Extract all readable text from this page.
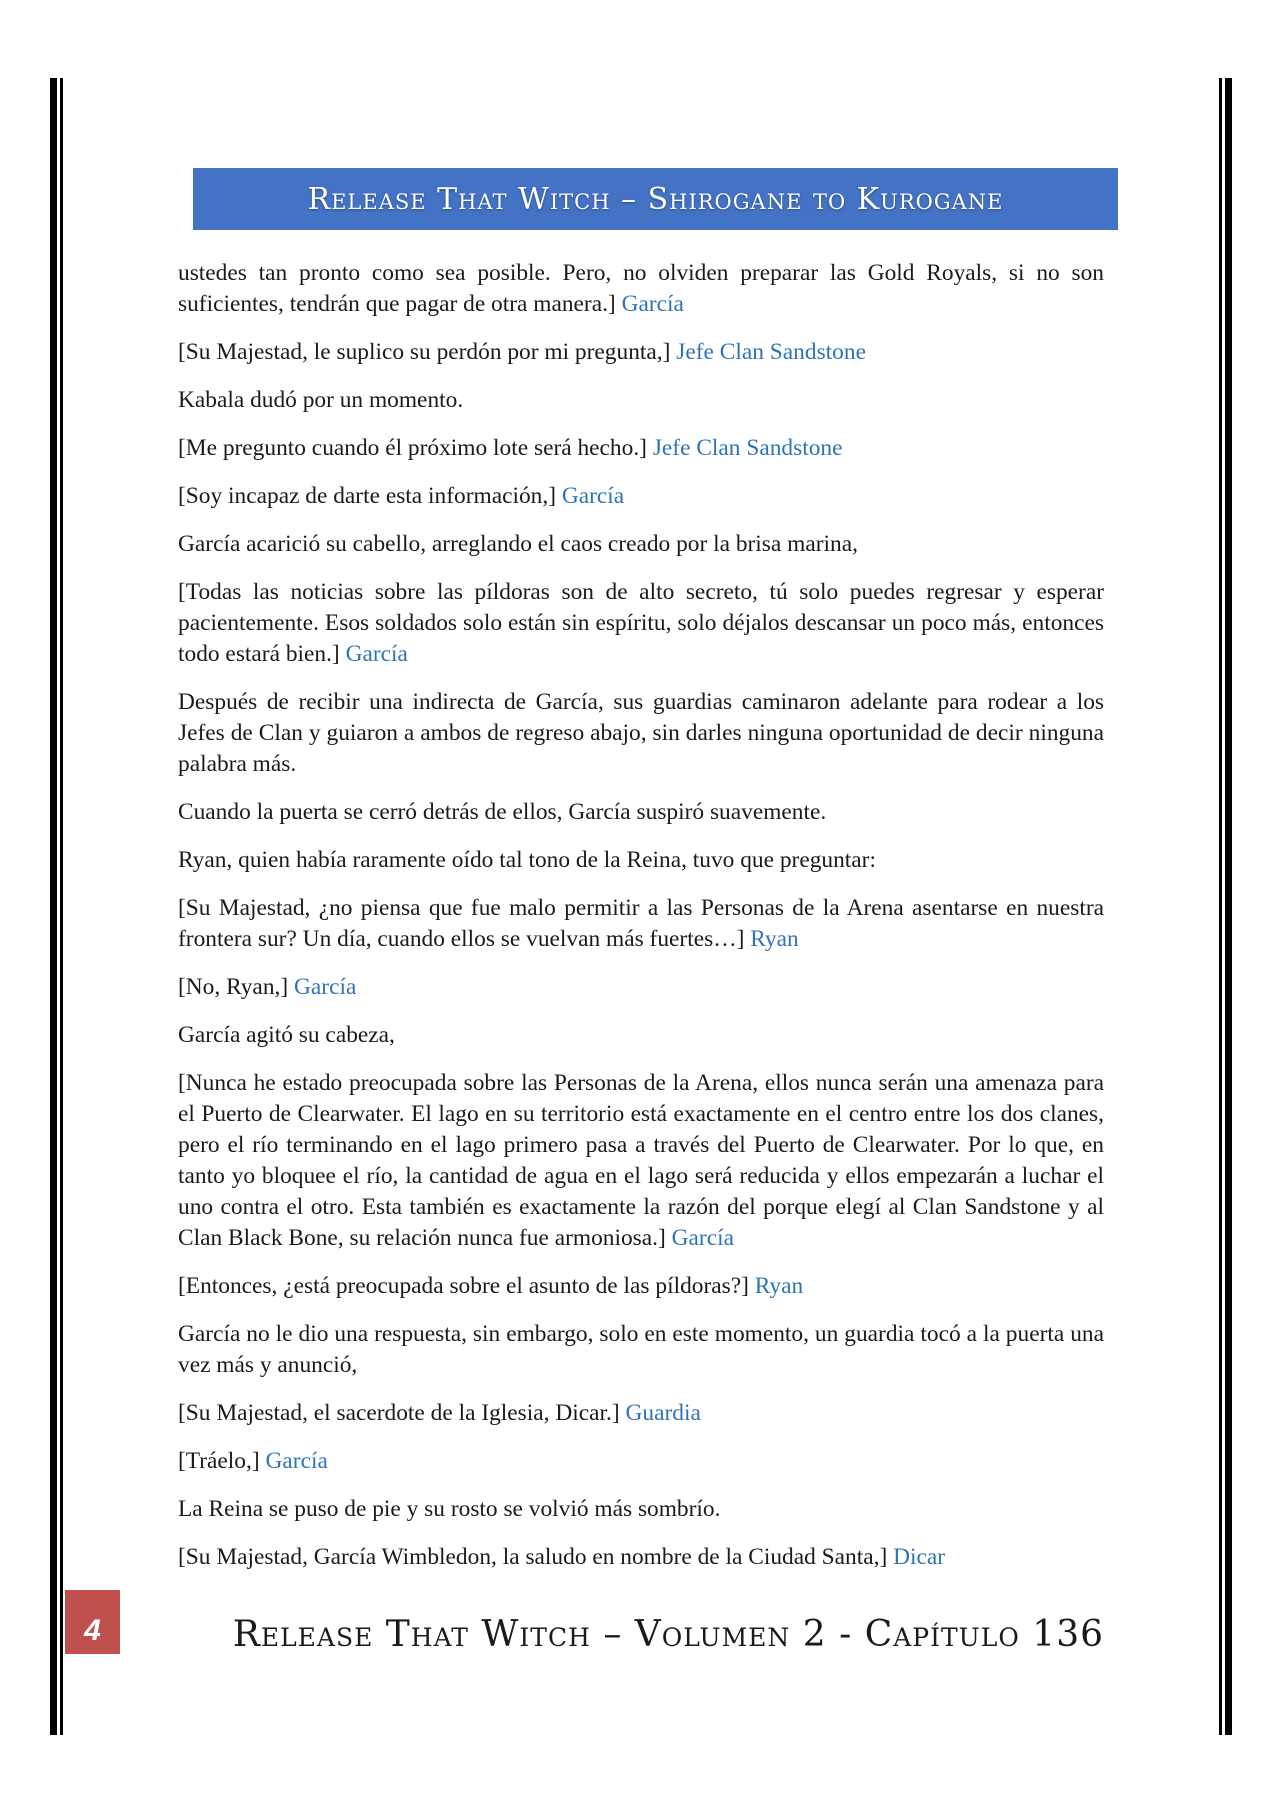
Release That Witch – Shirogane to Kurogane

ustedes tan pronto como sea posible. Pero, no olviden preparar las Gold Royals, si no son suficientes, tendrán que pagar de otra manera.] García

[Su Majestad, le suplico su perdón por mi pregunta,] Jefe Clan Sandstone

Kabala dudó por un momento.

[Me pregunto cuando él próximo lote será hecho.] Jefe Clan Sandstone

[Soy incapaz de darte esta información,] García

García acarició su cabello, arreglando el caos creado por la brisa marina,

[Todas las noticias sobre las píldoras son de alto secreto, tú solo puedes regresar y esperar pacientemente. Esos soldados solo están sin espíritu, solo déjalos descansar un poco más, entonces todo estará bien.] García

Después de recibir una indirecta de García, sus guardias caminaron adelante para rodear a los Jefes de Clan y guiaron a ambos de regreso abajo, sin darles ninguna oportunidad de decir ninguna palabra más.

Cuando la puerta se cerró detrás de ellos, García suspiró suavemente.

Ryan, quien había raramente oído tal tono de la Reina, tuvo que preguntar:

[Su Majestad, ¿no piensa que fue malo permitir a las Personas de la Arena asentarse en nuestra frontera sur? Un día, cuando ellos se vuelvan más fuertes…] Ryan

[No, Ryan,] García

García agitó su cabeza,

[Nunca he estado preocupada sobre las Personas de la Arena, ellos nunca serán una amenaza para el Puerto de Clearwater. El lago en su territorio está exactamente en el centro entre los dos clanes, pero el río terminando en el lago primero pasa a través del Puerto de Clearwater. Por lo que, en tanto yo bloquee el río, la cantidad de agua en el lago será reducida y ellos empezarán a luchar el uno contra el otro. Esta también es exactamente la razón del porque elegí al Clan Sandstone y al Clan Black Bone, su relación nunca fue armoniosa.] García

[Entonces, ¿está preocupada sobre el asunto de las píldoras?] Ryan

García no le dio una respuesta, sin embargo, solo en este momento, un guardia tocó a la puerta una vez más y anunció,

[Su Majestad, el sacerdote de la Iglesia, Dicar.] Guardia

[Tráelo,] García

La Reina se puso de pie y su rosto se volvió más sombrío.

[Su Majestad, García Wimbledon, la saludo en nombre de la Ciudad Santa,] Dicar

4	Release That Witch – Volumen 2 - Capítulo 136
